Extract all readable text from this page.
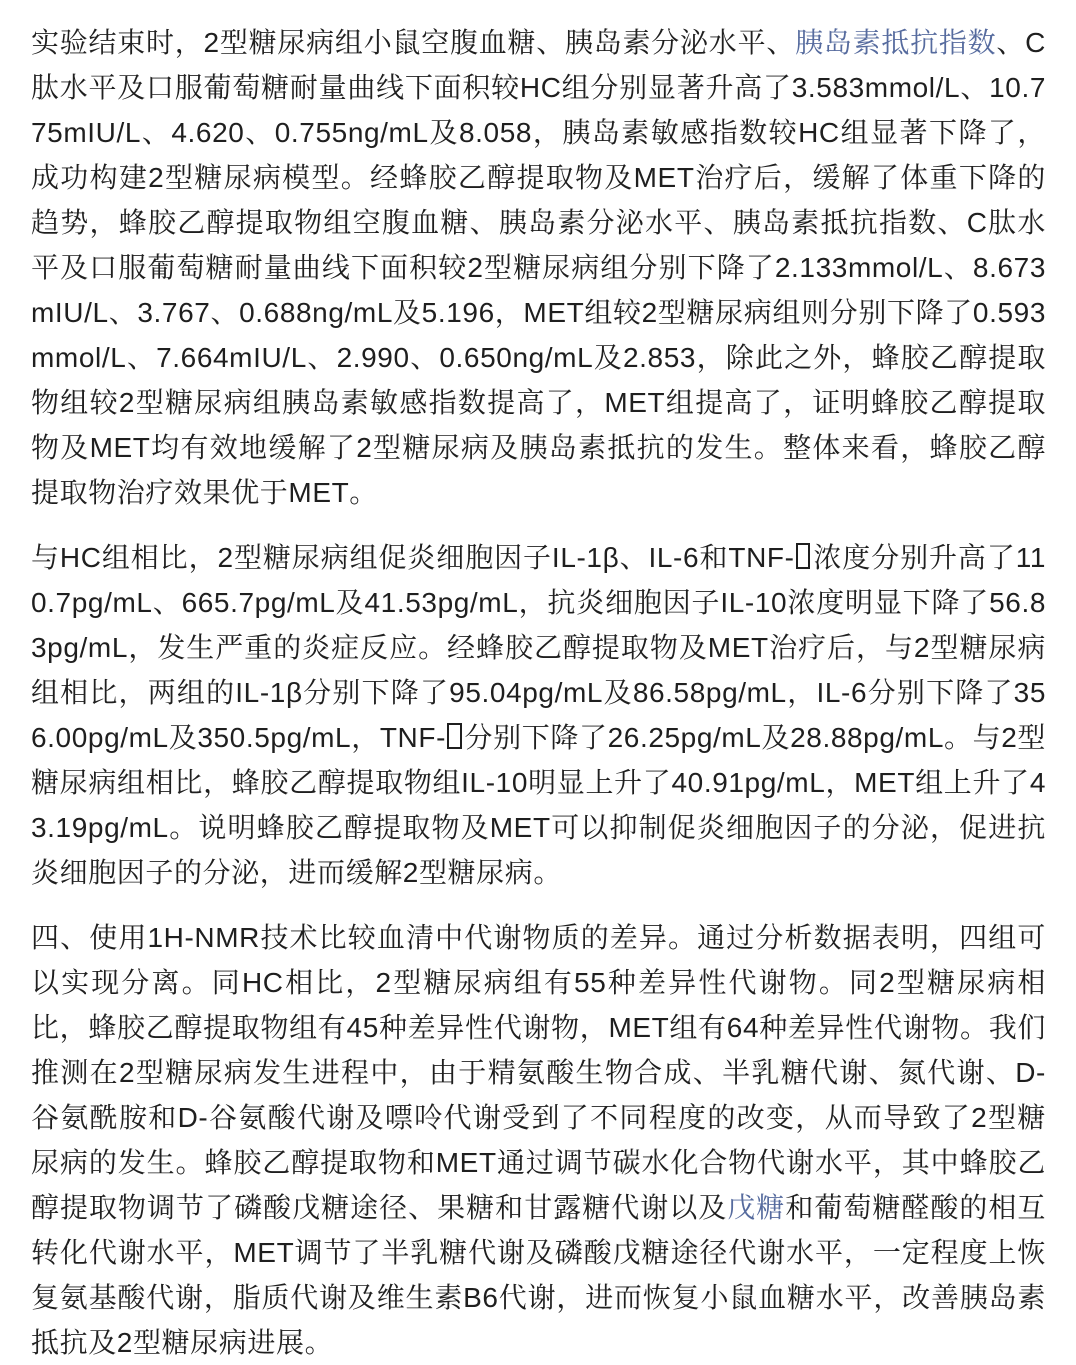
实验结束时，2型糖尿病组小鼠空腹血糖、胰岛素分泌水平、胰岛素抵抗指数、C肽水平及口服葡萄糖耐量曲线下面积较HC组分别显著升高了3.583mmol/L、10.775mIU/L、4.620、0.755ng/mL及8.058，胰岛素敏感指数较HC组显著下降了，成功构建2型糖尿病模型。经蜂胶乙醇提取物及MET治疗后，缓解了体重下降的趋势，蜂胶乙醇提取物组空腹血糖、胰岛素分泌水平、胰岛素抵抗指数、C肽水平及口服葡萄糖耐量曲线下面积较2型糖尿病组分别下降了2.133mmol/L、8.673mIU/L、3.767、0.688ng/mL及5.196，MET组较2型糖尿病组则分别下降了0.593mmol/L、7.664mIU/L、2.990、0.650ng/mL及2.853，除此之外，蜂胶乙醇提取物组较2型糖尿病组胰岛素敏感指数提高了，MET组提高了，证明蜂胶乙醇提取物及MET均有效地缓解了2型糖尿病及胰岛素抵抗的发生。整体来看，蜂胶乙醇提取物治疗效果优于MET。

与HC组相比，2型糖尿病组促炎细胞因子IL-1β、IL-6和TNF- 浓度分别升高了110.7pg/mL、665.7pg/mL及41.53pg/mL，抗炎细胞因子IL-10浓度明显下降了56.83pg/mL，发生严重的炎症反应。经蜂胶乙醇提取物及MET治疗后，与2型糖尿病组相比，两组的IL-1β分别下降了95.04pg/mL及86.58pg/mL，IL-6分别下降了356.00pg/mL及350.5pg/mL，TNF- 分别下降了26.25pg/mL及28.88pg/mL。与2型糖尿病组相比，蜂胶乙醇提取物组IL-10明显上升了40.91pg/mL，MET组上升了43.19pg/mL。说明蜂胶乙醇提取物及MET可以抑制促炎细胞因子的分泌，促进抗炎细胞因子的分泌，进而缓解2型糖尿病。

四、使用1H-NMR技术比较血清中代谢物质的差异。通过分析数据表明，四组可以实现分离。同HC相比，2型糖尿病组有55种差异性代谢物。同2型糖尿病相比，蜂胶乙醇提取物组有45种差异性代谢物，MET组有64种差异性代谢物。我们推测在2型糖尿病发生进程中，由于精氨酸生物合成、半乳糖代谢、氮代谢、D-谷氨酰胺和D-谷氨酸代谢及嘌呤代谢受到了不同程度的改变，从而导致了2型糖尿病的发生。蜂胶乙醇提取物和MET通过调节碳水化合物代谢水平，其中蜂胶乙醇提取物调节了磷酸戊糖途径、果糖和甘露糖代谢以及戊糖和葡萄糖醛酸的相互转化代谢水平，MET调节了半乳糖代谢及磷酸戊糖途径代谢水平，一定程度上恢复氨基酸代谢，脂质代谢及维生素B6代谢，进而恢复小鼠血糖水平，改善胰岛素抵抗及2型糖尿病进展。
